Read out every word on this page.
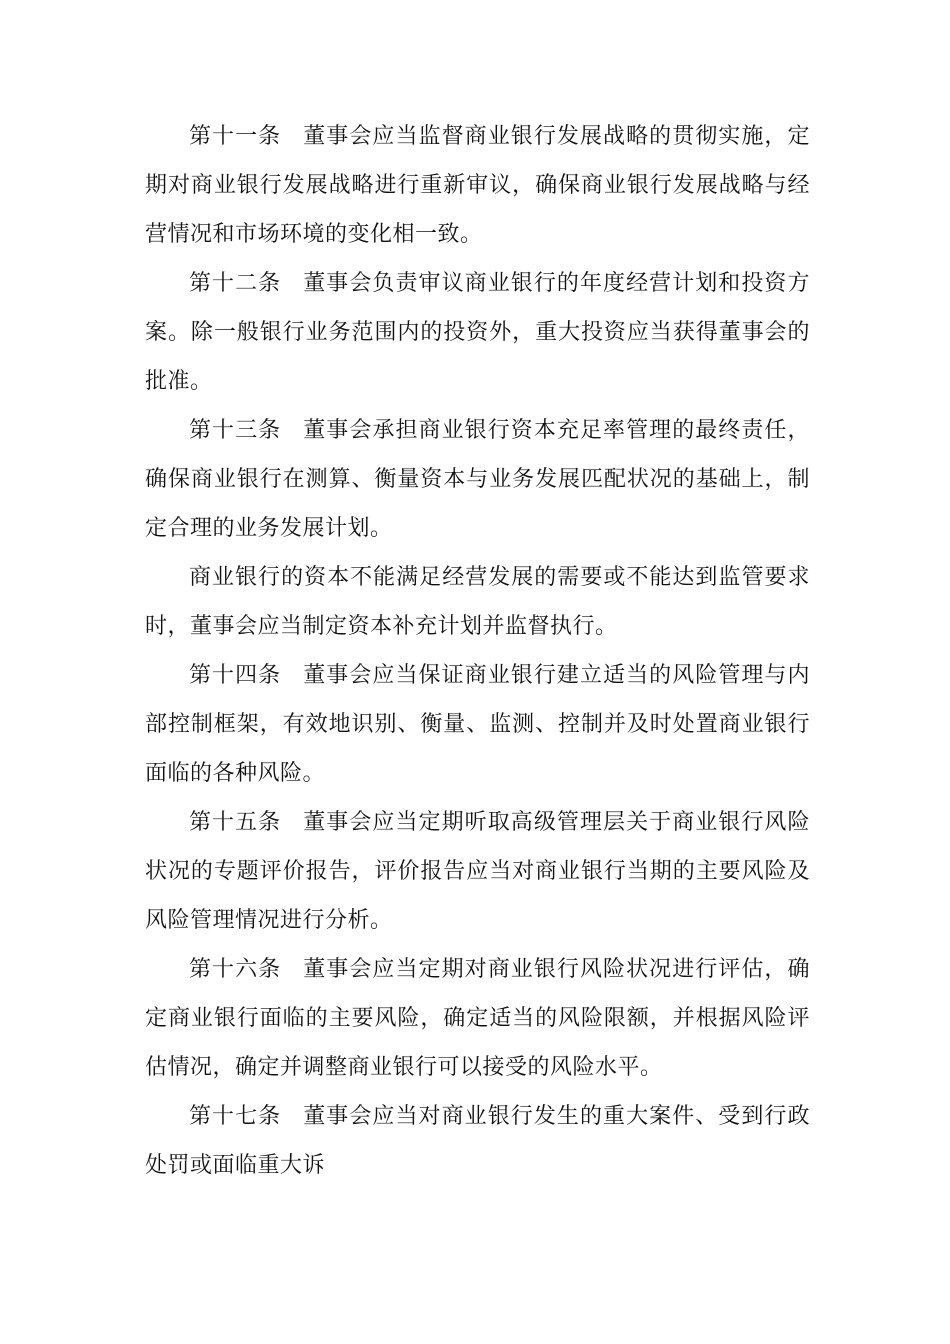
第十一条 董事会应当监督商业银行发展战略的贯彻实施，定期对商业银行发展战略进行重新审议，确保商业银行发展战略与经营情况和市场环境的变化相一致。

第十二条 董事会负责审议商业银行的年度经营计划和投资方案。除一般银行业务范围内的投资外，重大投资应当获得董事会的批准。

第十三条 董事会承担商业银行资本充足率管理的最终责任，确保商业银行在测算、衡量资本与业务发展匹配状况的基础上，制定合理的业务发展计划。

商业银行的资本不能满足经营发展的需要或不能达到监管要求时，董事会应当制定资本补充计划并监督执行。

第十四条 董事会应当保证商业银行建立适当的风险管理与内部控制框架，有效地识别、衡量、监测、控制并及时处置商业银行面临的各种风险。

第十五条 董事会应当定期听取高级管理层关于商业银行风险状况的专题评价报告，评价报告应当对商业银行当期的主要风险及风险管理情况进行分析。

第十六条 董事会应当定期对商业银行风险状况进行评估，确定商业银行面临的主要风险，确定适当的风险限额，并根据风险评估情况，确定并调整商业银行可以接受的风险水平。

第十七条 董事会应当对商业银行发生的重大案件、受到行政处罚或面临重大诉
